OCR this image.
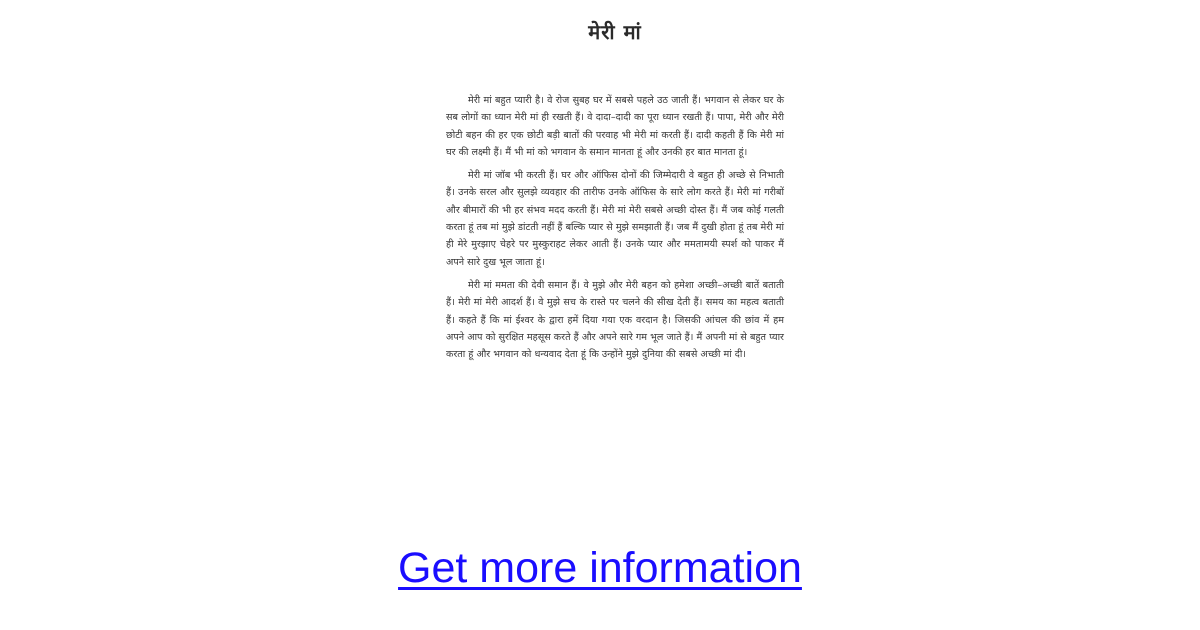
मेरी मां

मेरी मां बहुत प्यारी है। वे रोज सुबह घर में सबसे पहले उठ जाती हैं। भगवान से लेकर घर के सब लोगों का ध्यान मेरी मां ही रखती हैं। वे दादा–दादी का पूरा ध्यान रखती हैं। पापा, मेरी और मेरी छोटी बहन की हर एक छोटी बड़ी बातों की परवाह भी मेरी मां करती हैं। दादी कहती हैं कि मेरी मां घर की लक्ष्मी हैं। मैं भी मां को भगवान के समान मानता हूं और उनकी हर बात मानता हूं।

मेरी मां जॉब भी करती हैं। घर और ऑफिस दोनों की जिम्मेदारी वे बहुत ही अच्छे से निभाती हैं। उनके सरल और सुलझे व्यवहार की तारीफ उनके ऑफिस के सारे लोग करते हैं। मेरी मां गरीबों और बीमारों की भी हर संभव मदद करती हैं। मेरी मां मेरी सबसे अच्छी दोस्त हैं। मैं जब कोई गलती करता हूं तब मां मुझे डांटती नहीं हैं बल्कि प्यार से मुझे समझाती हैं। जब मैं दुखी होता हूं तब मेरी मां ही मेरे मुरझाए चेहरे पर मुस्कुराहट लेकर आती हैं। उनके प्यार और ममतामयी स्पर्श को पाकर मैं अपने सारे दुख भूल जाता हूं।

मेरी मां ममता की देवी समान हैं। वे मुझे और मेरी बहन को हमेशा अच्छी–अच्छी बातें बताती हैं। मेरी मां मेरी आदर्श हैं। वे मुझे सच के रास्ते पर चलने की सीख देती हैं। समय का महत्व बताती हैं। कहते हैं कि मां ईश्वर के द्वारा हमें दिया गया एक वरदान है। जिसकी आंचल की छांव में हम अपने आप को सुरक्षित महसूस करते हैं और अपने सारे गम भूल जाते हैं। मैं अपनी मां से बहुत प्यार करता हूं और भगवान को धन्यवाद देता हूं कि उन्होंने मुझे दुनिया की सबसे अच्छी मां दी।

Get more information
